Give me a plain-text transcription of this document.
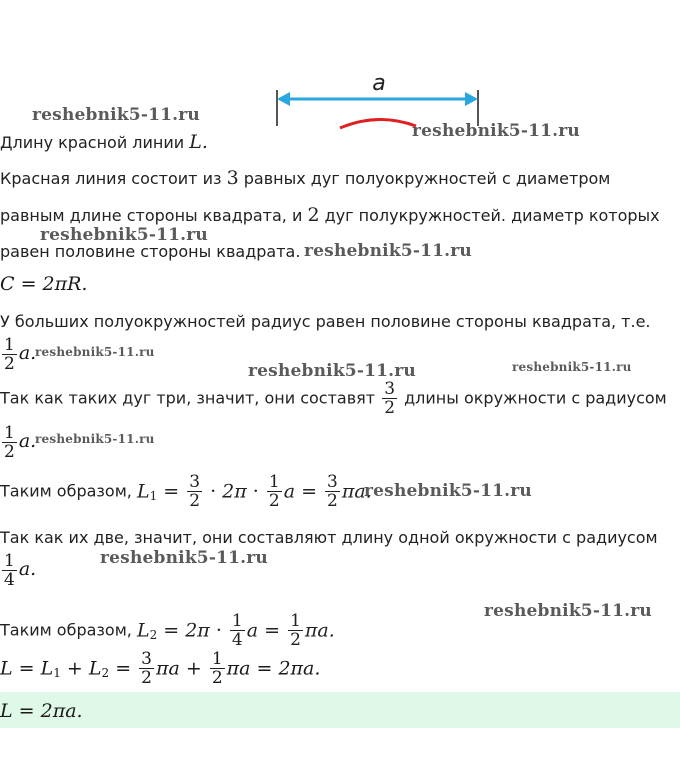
a
reshebnik5-11.ru
reshebnik5-11.ru
reshebnik5-11.ru
reshebnik5-11.ru
reshebnik5-11.ru
reshebnik5-11.ru	reshebnik5-11.ru
reshebnik5-11.ru
reshebnik5-11.ru
reshebnik5-11.ru
reshebnik5-11.ru
Длину красной линии L.
Красная линия состоит из 3 равных дуг полуокружностей с диаметром
равным длине стороны квадрата, и 2 дуг полукружностей. диаметр которых
равен половине стороны квадрата.
C = 2πR.
У больших полуокружностей радиус равен половине стороны квадрата, т.е.
$\frac{1}{2} a$.
Так как таких дуг три, значит, они составят $\frac{3}{2}$ длины окружности с радиусом
$\frac{1}{2} a$.
Таким образом, $L_1 = \frac{3}{2} \cdot 2\pi \cdot \frac{1}{2}$ $a = \frac{3}{2} \pi a$.
Так как их две, значит, они составляют длину одной окружности с радиусом
$\frac{1}{4} a$.
Таким образом, $L_2 = 2\pi \cdot \frac{1}{4}$ $a = \frac{1}{2} \pi a$.
$L = L_1 + L_2 = \frac{3}{2}$ $\pi a + \frac{1}{2}$ πa = 2πa.
L = 2πa.
